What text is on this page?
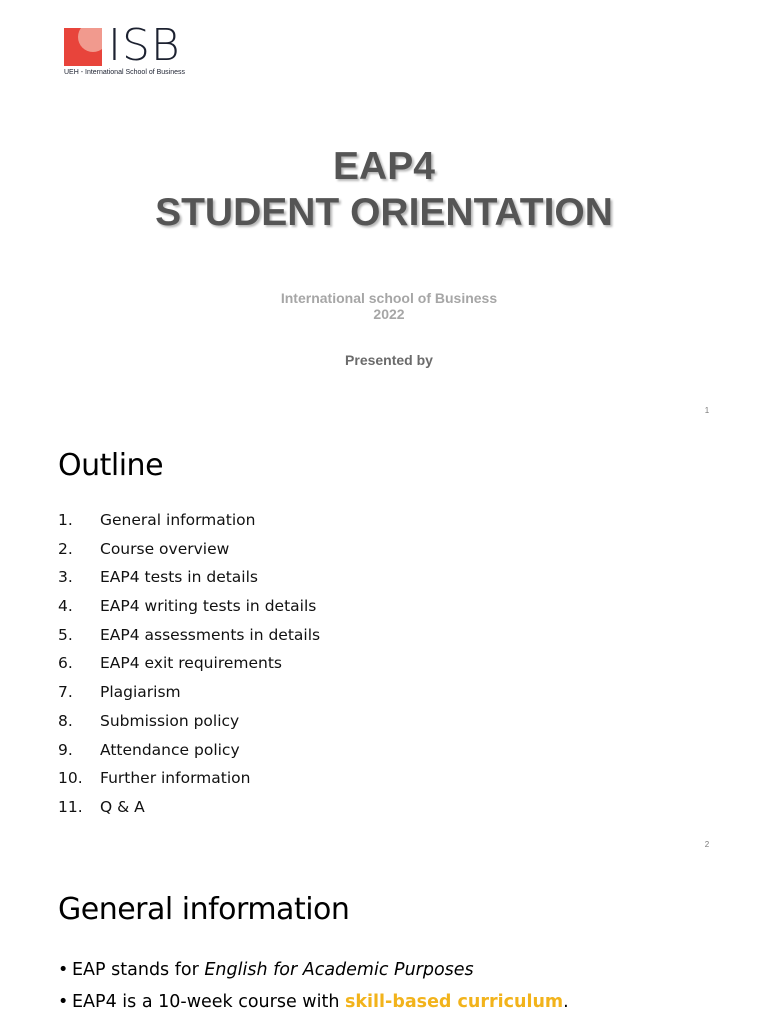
ISB
UEH - International School of Business
EAP4
STUDENT ORIENTATION
International school of Business
2022
Presented by
1
Outline
1. General information
2. Course overview
3. EAP4 tests in details
4. EAP4 writing tests in details
5. EAP4 assessments in details
6. EAP4 exit requirements
7. Plagiarism
8. Submission policy
9. Attendance policy
10. Further information
11. Q & A
2
General information
• EAP stands for English for Academic Purposes
• EAP4 is a 10-week course with skill-based curriculum.
